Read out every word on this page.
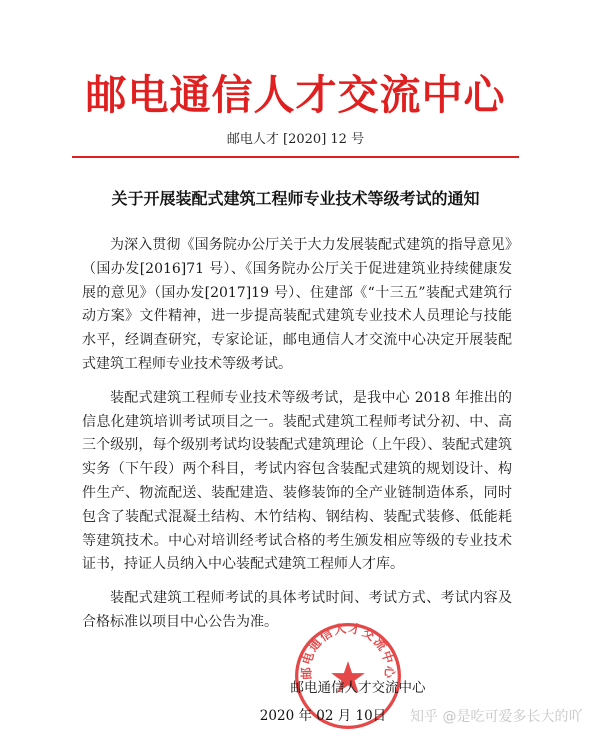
邮电通信人才交流中心
邮电人才 [2020] 12 号
关于开展装配式建筑工程师专业技术等级考试的通知

为深入贯彻《国务院办公厅关于大力发展装配式建筑的指导意见》（国办发[2016]71 号）、《国务院办公厅关于促进建筑业持续健康发展的意见》（国办发[2017]19 号）、住建部《“十三五”装配式建筑行动方案》文件精神，进一步提高装配式建筑专业技术人员理论与技能水平，经调查研究，专家论证，邮电通信人才交流中心决定开展装配式建筑工程师专业技术等级考试。

装配式建筑工程师专业技术等级考试，是我中心 2018 年推出的信息化建筑培训考试项目之一。装配式建筑工程师考试分初、中、高三个级别，每个级别考试均设装配式建筑理论（上午段）、装配式建筑实务（下午段）两个科目，考试内容包含装配式建筑的规划设计、构件生产、物流配送、装配建造、装修装饰的全产业链制造体系，同时包含了装配式混凝土结构、木竹结构、钢结构、装配式装修、低能耗等建筑技术。中心对培训经考试合格的考生颁发相应等级的专业技术证书，持证人员纳入中心装配式建筑工程师人才库。

装配式建筑工程师考试的具体考试时间、考试方式、考试内容及合格标准以项目中心公告为准。

邮电通信人才交流中心
邮电通信人才交流中心
2020 年 02 月 10日 知乎 @是吃可爱多长大的吖
